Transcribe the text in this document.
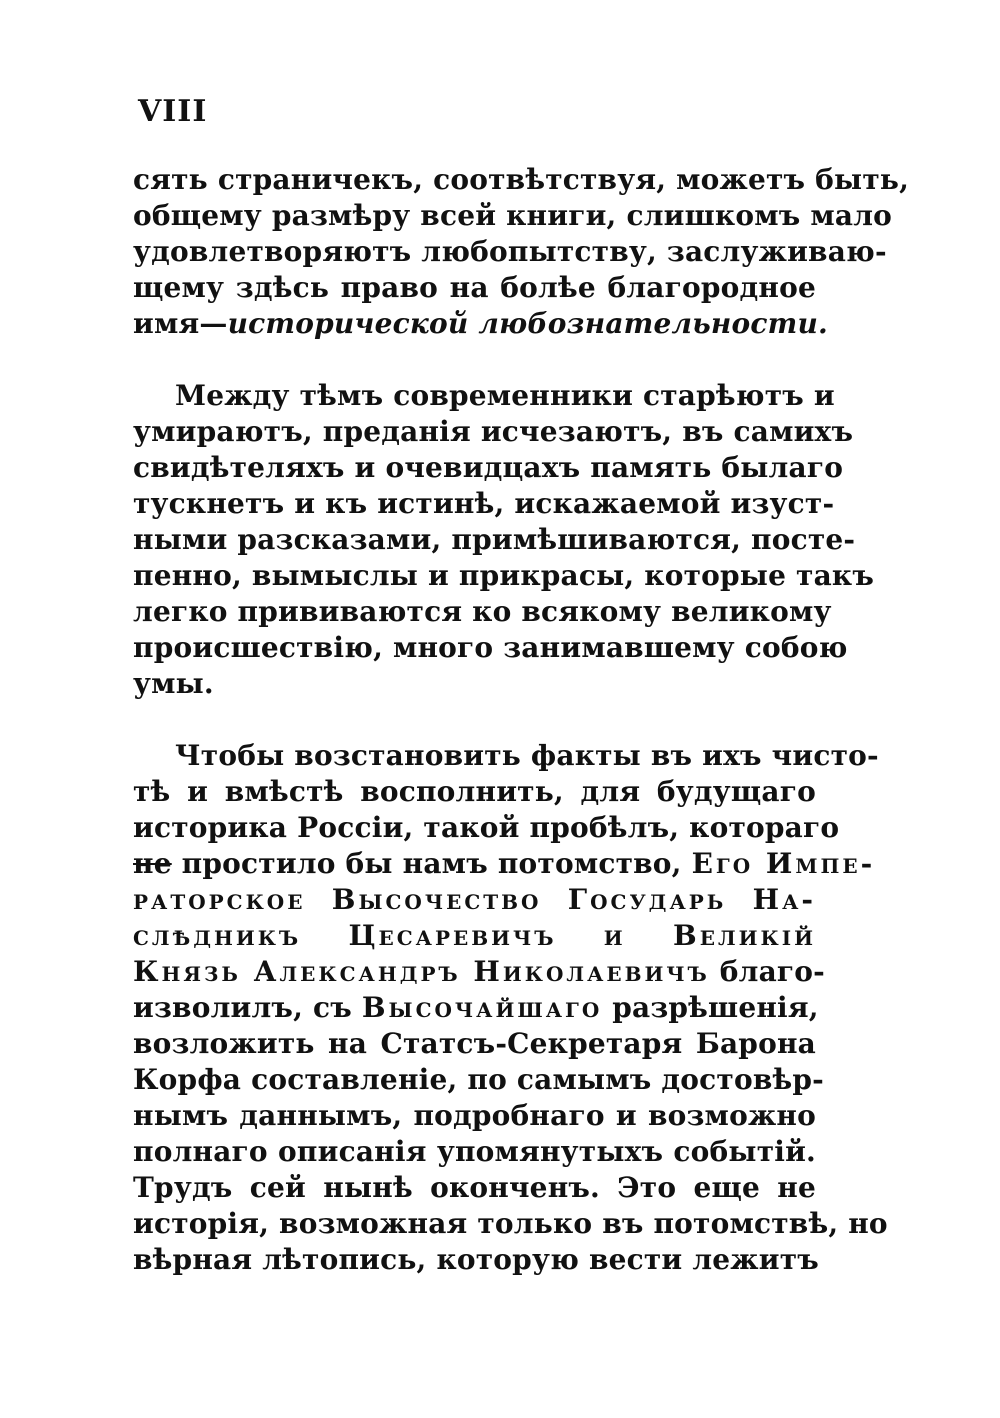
VIII
сять страничекъ, соотвѣтствуя, можетъ быть,
общему размѣру всей книги, слишкомъ мало
удовлетворяютъ любопытству, заслуживаю-
щему здѣсь право на болѣе благородное
имя—исторической любознательности.
Между тѣмъ современники старѣютъ и
умираютъ, преданія исчезаютъ, въ самихъ
свидѣтеляхъ и очевидцахъ память былаго
тускнетъ и къ истинѣ, искажаемой изуст-
ными разсказами, примѣшиваются, посте-
пенно, вымыслы и прикрасы, которые такъ
легко прививаются ко всякому великому
происшествію, много занимавшему собою
умы.
Чтобы возстановить факты въ ихъ чисто-
тѣ и вмѣстѣ восполнить, для будущаго
историка Россіи, такой пробѣлъ, котораго
не простило бы намъ потомство, Его Импе-
раторское Высочество Государь На-
слѣдникъ Цесаревичъ и Великій
Князь Александръ Николаевичъ благо-
изволилъ, съ Высочайшаго разрѣшенія,
возложить на Статсъ-Секретаря Барона
Корфа составленіе, по самымъ достовѣр-
нымъ даннымъ, подробнаго и возможно
полнаго описанія упомянутыхъ событій.
Трудъ сей нынѣ оконченъ. Это еще не
исторія, возможная только въ потомствѣ, но
вѣрная лѣтопись, которую вести лежитъ
